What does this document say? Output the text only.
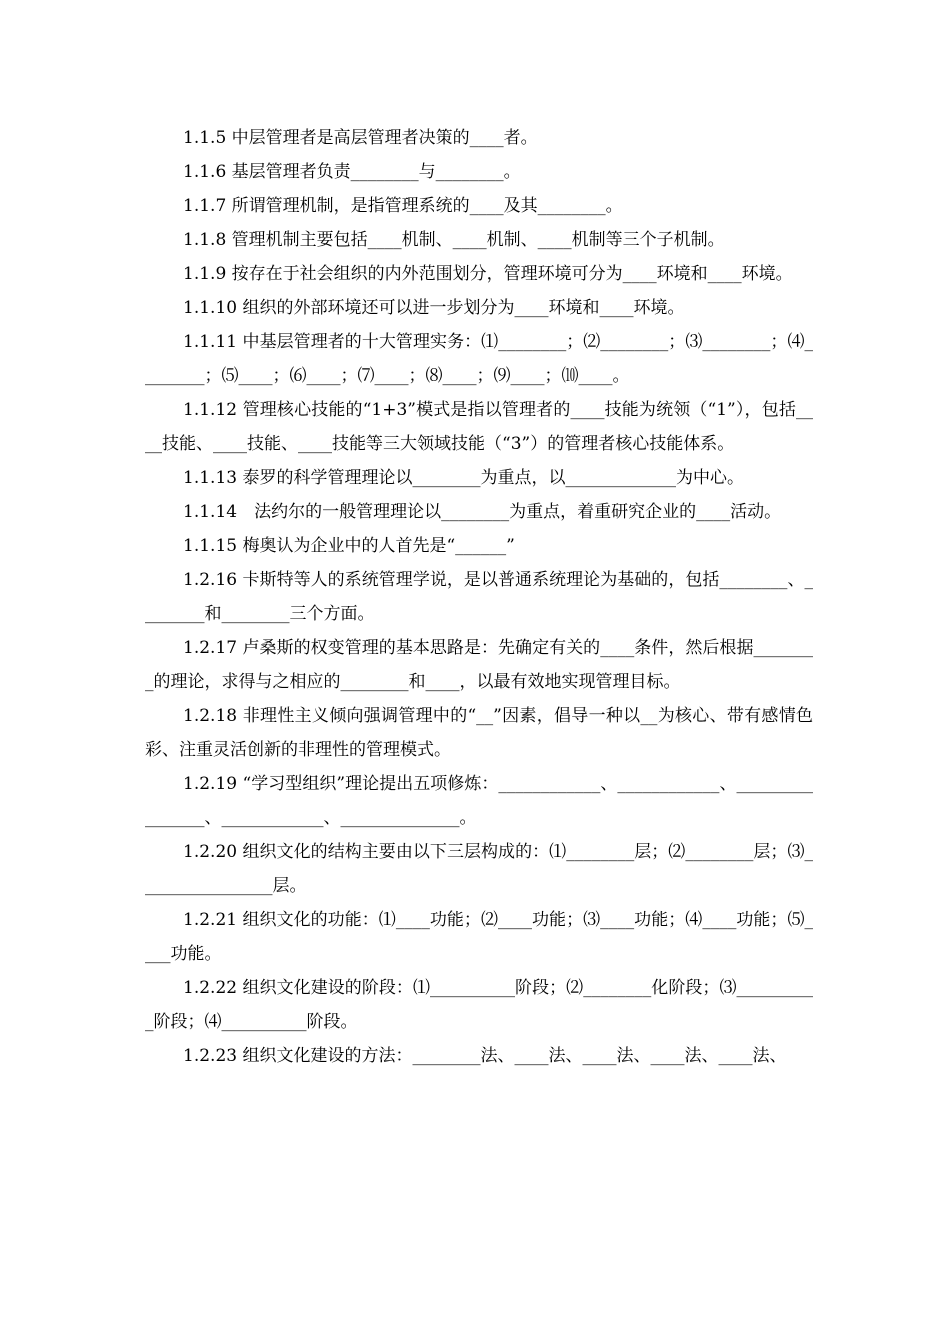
1.1.5 中层管理者是高层管理者决策的____者。

1.1.6 基层管理者负责________与________。

1.1.7 所谓管理机制，是指管理系统的____及其________。

1.1.8 管理机制主要包括____机制、____机制、____机制等三个子机制。

1.1.9 按存在于社会组织的内外范围划分，管理环境可分为____环境和____环境。

1.1.10 组织的外部环境还可以进一步划分为____环境和____环境。

1.1.11 中基层管理者的十大管理实务：⑴________；⑵________；⑶________；⑷________；⑸____；⑹____；⑺____；⑻____；⑼____；⑽____。

1.1.12 管理核心技能的“1+3”模式是指以管理者的____技能为统领（“1”），包括____技能、____技能、____技能等三大领域技能（“3”）的管理者核心技能体系。

1.1.13 泰罗的科学管理理论以________为重点，以_____________为中心。

1.1.14　法约尔的一般管理理论以________为重点，着重研究企业的____活动。

1.1.15 梅奥认为企业中的人首先是“______”

1.2.16 卡斯特等人的系统管理学说，是以普通系统理论为基础的，包括________、________和________三个方面。

1.2.17 卢桑斯的权变管理的基本思路是：先确定有关的____条件，然后根据________的理论，求得与之相应的________和____，以最有效地实现管理目标。

1.2.18 非理性主义倾向强调管理中的“__”因素，倡导一种以__为核心、带有感情色彩、注重灵活创新的非理性的管理模式。

1.2.19 “学习型组织”理论提出五项修炼：____________、____________、________________、____________、______________。

1.2.20 组织文化的结构主要由以下三层构成的：⑴________层；⑵________层；⑶________________层。

1.2.21 组织文化的功能：⑴____功能；⑵____功能；⑶____功能；⑷____功能；⑸____功能。

1.2.22 组织文化建设的阶段：⑴__________阶段；⑵________化阶段；⑶__________阶段；⑷__________阶段。

1.2.23 组织文化建设的方法：________法、____法、____法、____法、____法、
